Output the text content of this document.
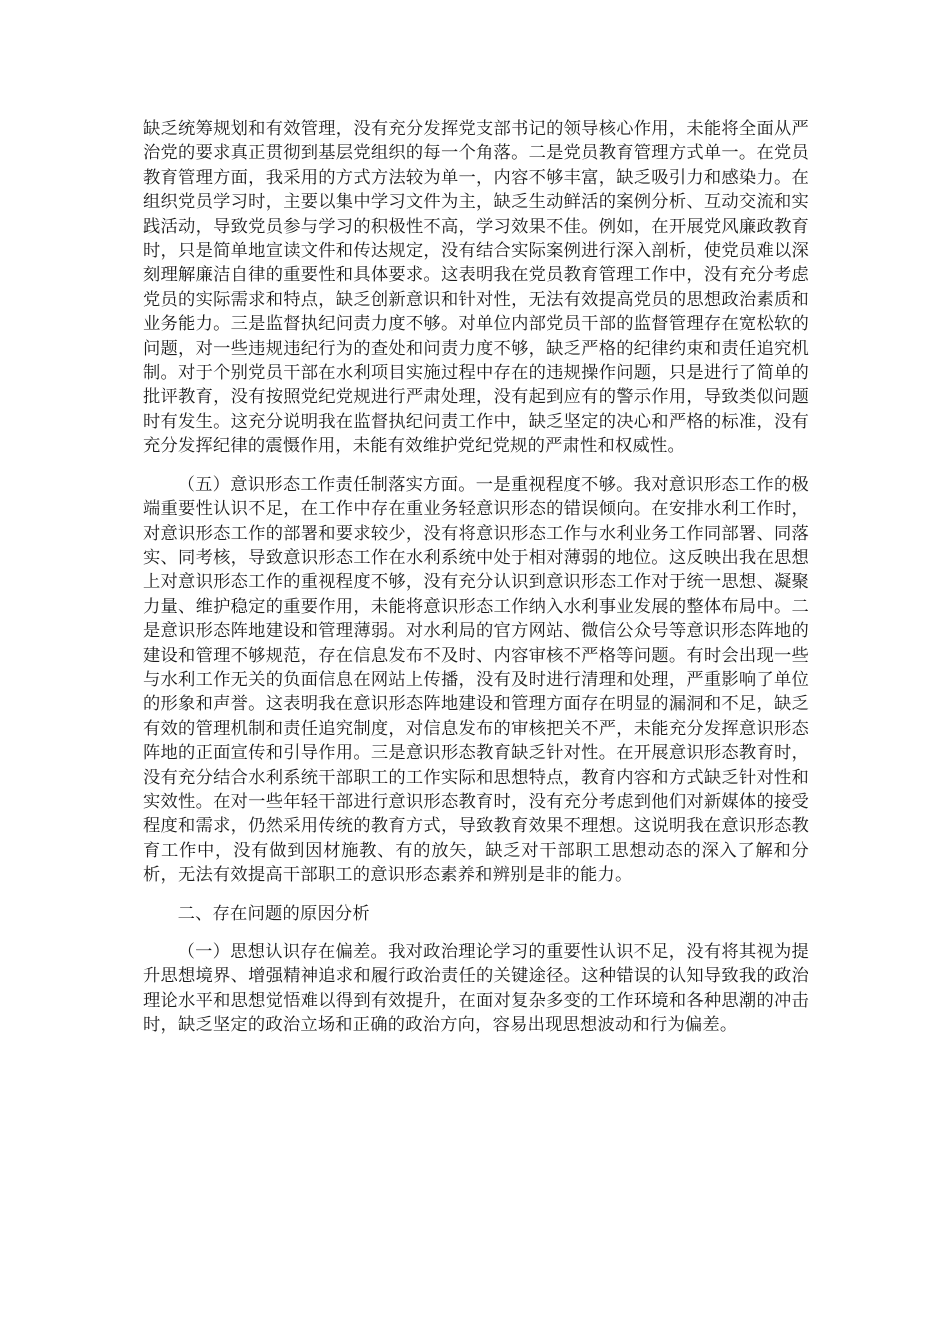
缺乏统筹规划和有效管理，没有充分发挥党支部书记的领导核心作用，未能将全面从严治党的要求真正贯彻到基层党组织的每一个角落。二是党员教育管理方式单一。在党员教育管理方面，我采用的方式方法较为单一，内容不够丰富，缺乏吸引力和感染力。在组织党员学习时，主要以集中学习文件为主，缺乏生动鲜活的案例分析、互动交流和实践活动，导致党员参与学习的积极性不高，学习效果不佳。例如，在开展党风廉政教育时，只是简单地宣读文件和传达规定，没有结合实际案例进行深入剖析，使党员难以深刻理解廉洁自律的重要性和具体要求。这表明我在党员教育管理工作中，没有充分考虑党员的实际需求和特点，缺乏创新意识和针对性，无法有效提高党员的思想政治素质和业务能力。三是监督执纪问责力度不够。对单位内部党员干部的监督管理存在宽松软的问题，对一些违规违纪行为的查处和问责力度不够，缺乏严格的纪律约束和责任追究机制。对于个别党员干部在水利项目实施过程中存在的违规操作问题，只是进行了简单的批评教育，没有按照党纪党规进行严肃处理，没有起到应有的警示作用，导致类似问题时有发生。这充分说明我在监督执纪问责工作中，缺乏坚定的决心和严格的标准，没有充分发挥纪律的震慑作用，未能有效维护党纪党规的严肃性和权威性。

（五）意识形态工作责任制落实方面。一是重视程度不够。我对意识形态工作的极端重要性认识不足，在工作中存在重业务轻意识形态的错误倾向。在安排水利工作时，对意识形态工作的部署和要求较少，没有将意识形态工作与水利业务工作同部署、同落实、同考核，导致意识形态工作在水利系统中处于相对薄弱的地位。这反映出我在思想上对意识形态工作的重视程度不够，没有充分认识到意识形态工作对于统一思想、凝聚力量、维护稳定的重要作用，未能将意识形态工作纳入水利事业发展的整体布局中。二是意识形态阵地建设和管理薄弱。对水利局的官方网站、微信公众号等意识形态阵地的建设和管理不够规范，存在信息发布不及时、内容审核不严格等问题。有时会出现一些与水利工作无关的负面信息在网站上传播，没有及时进行清理和处理，严重影响了单位的形象和声誉。这表明我在意识形态阵地建设和管理方面存在明显的漏洞和不足，缺乏有效的管理机制和责任追究制度，对信息发布的审核把关不严，未能充分发挥意识形态阵地的正面宣传和引导作用。三是意识形态教育缺乏针对性。在开展意识形态教育时，没有充分结合水利系统干部职工的工作实际和思想特点，教育内容和方式缺乏针对性和实效性。在对一些年轻干部进行意识形态教育时，没有充分考虑到他们对新媒体的接受程度和需求，仍然采用传统的教育方式，导致教育效果不理想。这说明我在意识形态教育工作中，没有做到因材施教、有的放矢，缺乏对干部职工思想动态的深入了解和分析，无法有效提高干部职工的意识形态素养和辨别是非的能力。

二、存在问题的原因分析

（一）思想认识存在偏差。我对政治理论学习的重要性认识不足，没有将其视为提升思想境界、增强精神追求和履行政治责任的关键途径。这种错误的认知导致我的政治理论水平和思想觉悟难以得到有效提升，在面对复杂多变的工作环境和各种思潮的冲击时，缺乏坚定的政治立场和正确的政治方向，容易出现思想波动和行为偏差。
